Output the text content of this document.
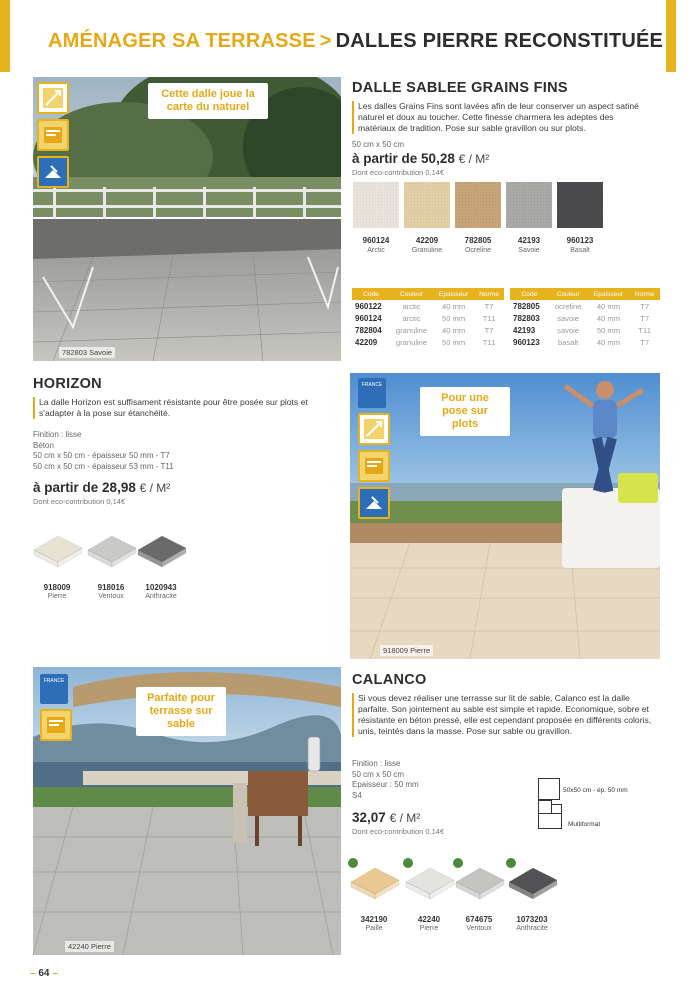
AMÉNAGER SA TERRASSE > DALLES PIERRE RECONSTITUÉE
Cette dalle joue la
carte du naturel
782803 Savoie
DALLE SABLEE GRAINS FINS
Les dalles Grains Fins sont lavées afin de leur conserver un aspect satiné naturel et doux au toucher. Cette finesse charmera les adeptes des matériaux de tradition. Pose sur sable gravillon ou sur plots.
50 cm x 50 cm
à partir de 50,28 € / M²
Dont eco-contribution 0,14€
960124
Arctic
42209
Granuline
782805
Ocreline
42193
Savoie
960123
Basalt
Code	Couleur	Epaisseur	Norme
960122	arctic	40 mm	T7
960124	arctic	50 mm	T11
782804	granuline	40 mm	T7
42209	granuline	50 mm	T11
Code	Couleur	Epaisseur	Norme
782805	ocreline	40 mm	T7
782803	savoie	40 mm	T7
42193	savoie	50 mm	T11
960123	basalt	40 mm	T7
HORIZON
La dalle Horizon est suffisament résistante pour être posée sur plots et s'adapter à la pose sur étanchéité.
Finition : lisse
Béton
50 cm x 50 cm - épaisseur 50 mm - T7
50 cm x 50 cm - épaisseur 53 mm - T11
à partir de 28,98 € / M²
Dont eco-contribution 0,14€
918009
Pierre
918016
Ventoux
1020943
Anthracite
Pour une
pose sur plots
918009 Pierre
FRANCE
Parfaite pour
terrasse sur
sable
42240 Pierre
FRANCE	CALANCO
Si vous devez réaliser une terrasse sur lit de sable, Calanco est la dalle parfaite. Son jointement au sable est simple et rapide. Economique, sobre et résistante en béton pressé, elle est cependant proposée en différents coloris, unis, teintés dans la masse. Pose sur sable ou gravillon.
Finition : lisse
50 cm x 50 cm
Epaisseur : 50 mm
S4
32,07 € / M²
Dont eco-contribution 0,14€
50x50 cm - ép. 50 mm
Multiformat
342190
Paille
42240
Pierre
674675
Ventoux
1073203
Anthracite
– 64 –
